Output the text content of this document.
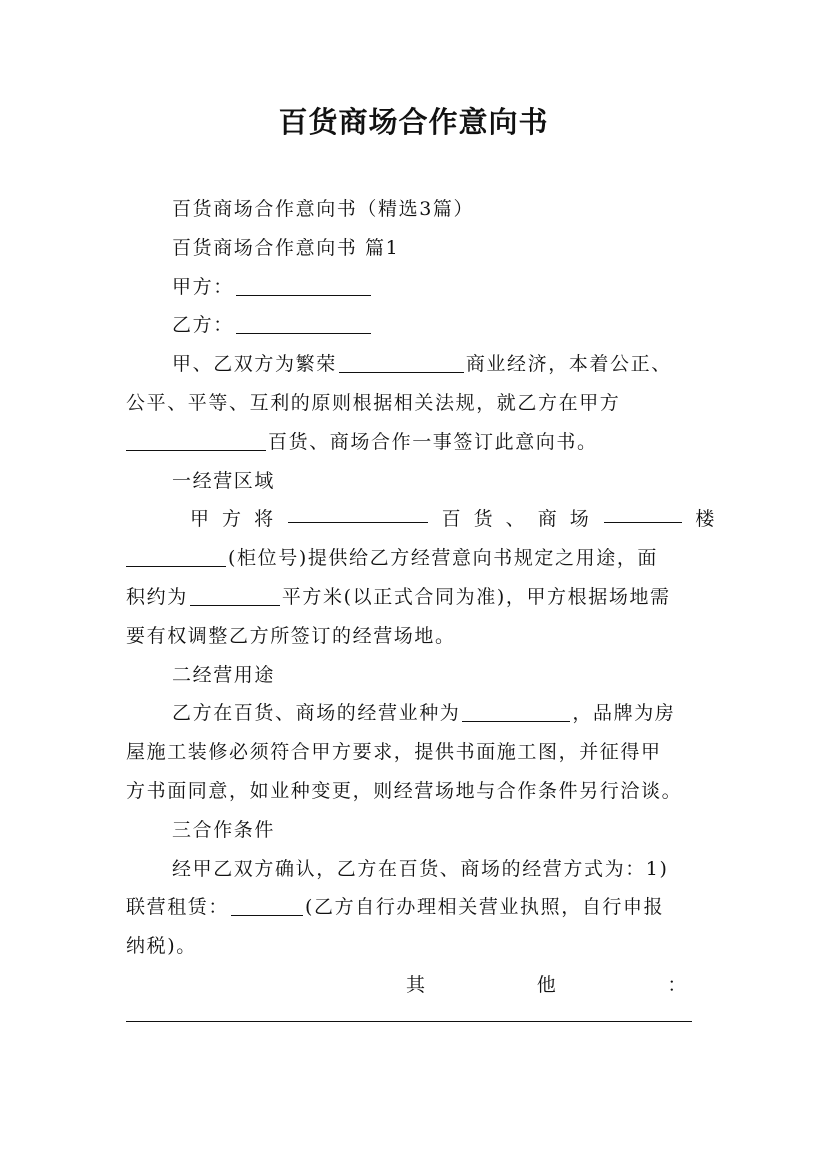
百货商场合作意向书

百货商场合作意向书（精选3篇）

百货商场合作意向书 篇1

甲方：

乙方：

甲、乙双方为繁荣	商业经济，本着公正、

公平、平等、互利的原则根据相关法规，就乙方在甲方

百货、商场合作一事签订此意向书。

一经营区域

甲 方 将	百 货 、 商 场	楼

(柜位号)提供给乙方经营意向书规定之用途，面

积约为	平方米(以正式合同为准)，甲方根据场地需

要有权调整乙方所签订的经营场地。

二经营用途

乙方在百货、商场的经营业种为	，品牌为房

屋施工装修必须符合甲方要求，提供书面施工图，并征得甲

方书面同意，如业种变更，则经营场地与合作条件另行洽谈。

三合作条件

经甲乙双方确认，乙方在百货、商场的经营方式为：1)

联营租赁：	(乙方自行办理相关营业执照，自行申报

纳税)。

其	他	：
